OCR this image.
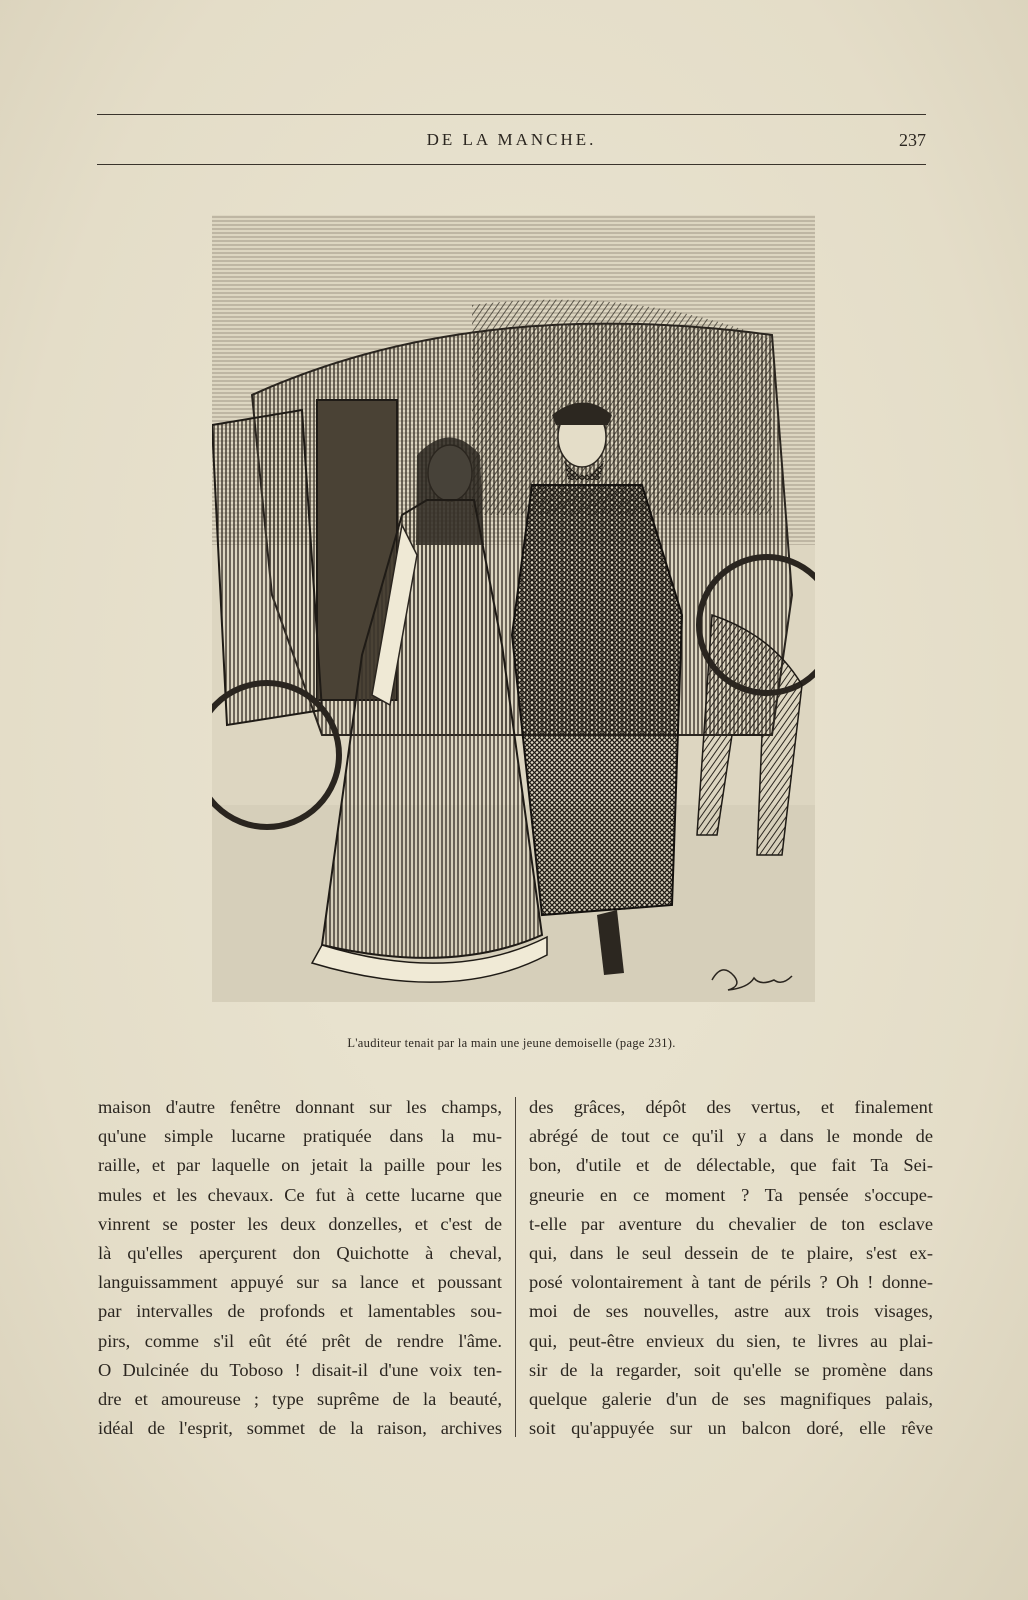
DE LA MANCHE.	237
L'auditeur tenait par la main une jeune demoiselle (page 231).
maison d'autre fenêtre donnant sur les champs,
qu'une simple lucarne pratiquée dans la mu-
raille, et par laquelle on jetait la paille pour les
mules et les chevaux. Ce fut à cette lucarne que
vinrent se poster les deux donzelles, et c'est de
là qu'elles aperçurent don Quichotte à cheval,
languissamment appuyé sur sa lance et poussant
par intervalles de profonds et lamentables sou-
pirs, comme s'il eût été prêt de rendre l'âme.
O Dulcinée du Toboso ! disait-il d'une voix ten-
dre et amoureuse ; type suprême de la beauté,
idéal de l'esprit, sommet de la raison, archives
des grâces, dépôt des vertus, et finalement
abrégé de tout ce qu'il y a dans le monde de
bon, d'utile et de délectable, que fait Ta Sei-
gneurie en ce moment ? Ta pensée s'occupe-
t-elle par aventure du chevalier de ton esclave
qui, dans le seul dessein de te plaire, s'est ex-
posé volontairement à tant de périls ? Oh ! donne-
moi de ses nouvelles, astre aux trois visages,
qui, peut-être envieux du sien, te livres au plai-
sir de la regarder, soit qu'elle se promène dans
quelque galerie d'un de ses magnifiques palais,
soit qu'appuyée sur un balcon doré, elle rêve
